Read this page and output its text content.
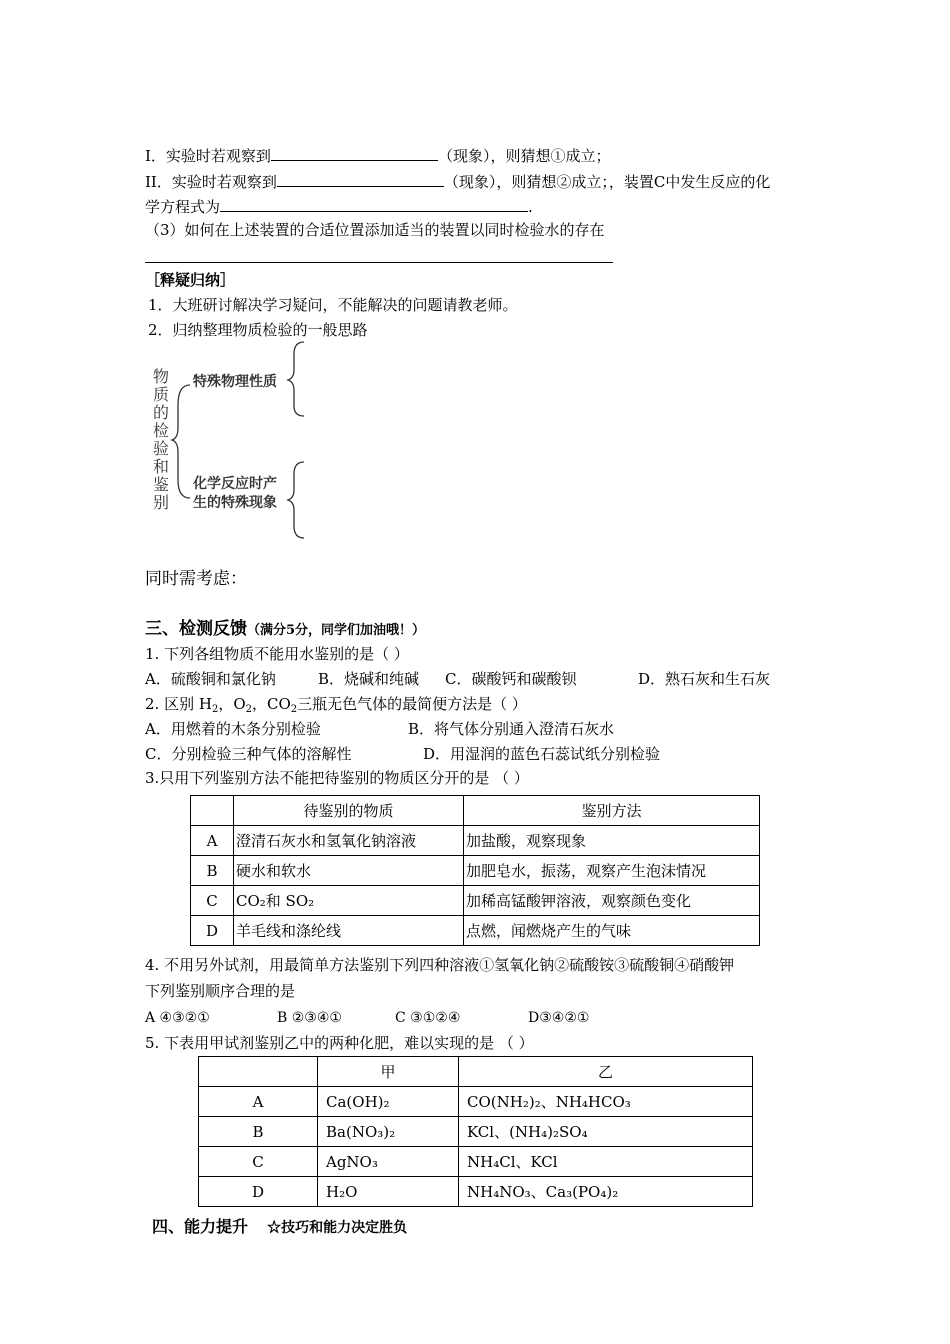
I．实验时若观察到	（现象），则猜想①成立；
II．实验时若观察到	（现象），则猜想②成立；，装置C中发生反应的化
学方程式为	.
（3）如何在上述装置的合适位置添加适当的装置以同时检验水的存在
［释疑归纳］
1．大班研讨解决学习疑问，不能解决的问题请教老师。
2．归纳整理物质检验的一般思路
物
质
的
检
验
和
鉴
别
特殊物理性质
化学反应时产
生的特殊现象
同时需考虑：
三、检测反馈（满分5分，同学们加油哦！）
1. 下列各组物质不能用水鉴别的是（ ）
A．硫酸铜和氯化钠	B．烧碱和纯碱 C．碳酸钙和碳酸钡	D．熟石灰和生石灰
2. 区别 $H_2$，$O_2$，$CO_2$三瓶无色气体的最简便方法是（ ）
A．用燃着的木条分别检验	B．将气体分别通入澄清石灰水
C．分别检验三种气体的溶解性	D．用湿润的蓝色石蕊试纸分别检验
3.只用下列鉴别方法不能把待鉴别的物质区分开的是 （ ）
	待鉴别的物质	鉴别方法
A	澄清石灰水和氢氧化钠溶液	加盐酸，观察现象
B	硬水和软水	加肥皂水，振荡，观察产生泡沫情况
C	CO₂和 SO₂	加稀高锰酸钾溶液，观察颜色变化
D	羊毛线和涤纶线	点燃，闻燃烧产生的气味
4. 不用另外试剂，用最简单方法鉴别下列四种溶液①氢氧化钠②硫酸铵③硫酸铜④硝酸钾
下列鉴别顺序合理的是
A ④③②①	B ②③④①	C ③①②④	D③④②①
5. 下表用甲试剂鉴别乙中的两种化肥，难以实现的是 （ ）
	甲	乙
A	Ca(OH)₂	CO(NH₂)₂、NH₄HCO₃
B	Ba(NO₃)₂	KCl、(NH₄)₂SO₄
C	AgNO₃	NH₄Cl、KCl
D	H₂O	NH₄NO₃、Ca₃(PO₄)₂
四、能力提升 ☆技巧和能力决定胜负
